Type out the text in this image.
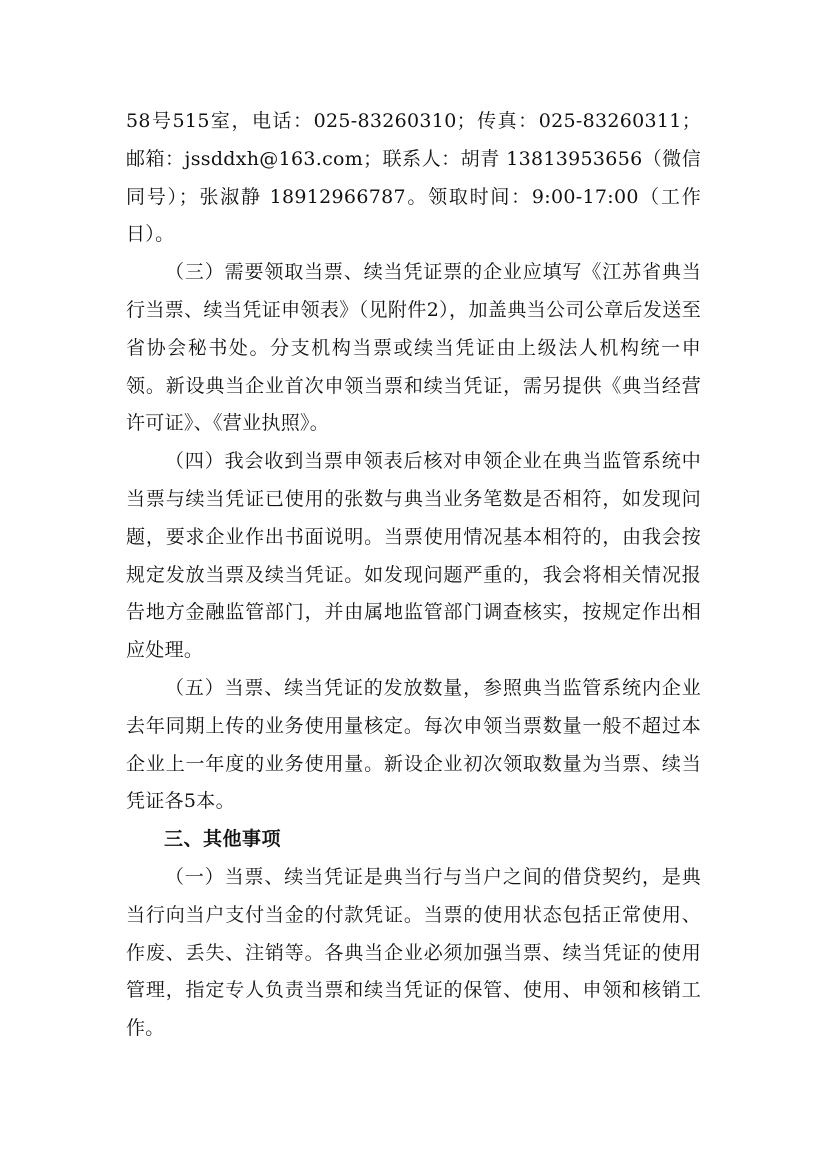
58号515室，电话：025-83260310；传真：025-83260311；邮箱：jssddxh@163.com；联系人：胡青 13813953656（微信同号）；张淑静 18912966787。领取时间：9:00-17:00（工作日）。

（三）需要领取当票、续当凭证票的企业应填写《江苏省典当行当票、续当凭证申领表》（见附件2），加盖典当公司公章后发送至省协会秘书处。分支机构当票或续当凭证由上级法人机构统一申领。新设典当企业首次申领当票和续当凭证，需另提供《典当经营许可证》、《营业执照》。

（四）我会收到当票申领表后核对申领企业在典当监管系统中当票与续当凭证已使用的张数与典当业务笔数是否相符，如发现问题，要求企业作出书面说明。当票使用情况基本相符的，由我会按规定发放当票及续当凭证。如发现问题严重的，我会将相关情况报告地方金融监管部门，并由属地监管部门调查核实，按规定作出相应处理。

（五）当票、续当凭证的发放数量，参照典当监管系统内企业去年同期上传的业务使用量核定。每次申领当票数量一般不超过本企业上一年度的业务使用量。新设企业初次领取数量为当票、续当凭证各5本。

三、其他事项

（一）当票、续当凭证是典当行与当户之间的借贷契约，是典当行向当户支付当金的付款凭证。当票的使用状态包括正常使用、作废、丢失、注销等。各典当企业必须加强当票、续当凭证的使用管理，指定专人负责当票和续当凭证的保管、使用、申领和核销工作。
